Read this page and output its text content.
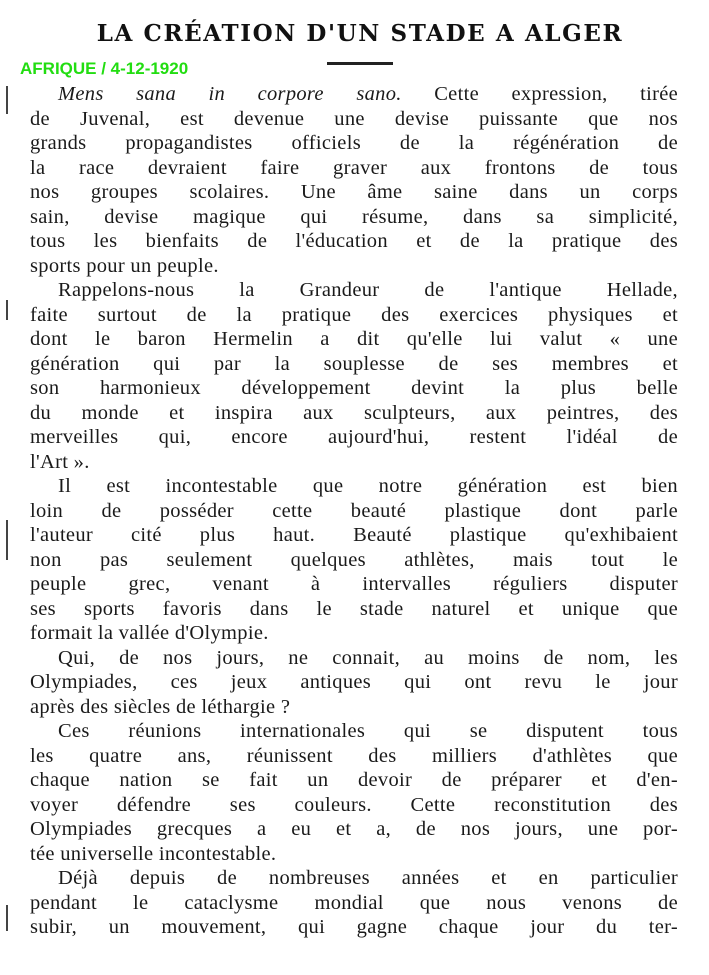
LA CRÉATION D'UN STADE A ALGER
AFRIQUE / 4-12-1920
Mens sana in corpore sano. Cette expression, tirée
de Juvenal, est devenue une devise puissante que nos
grands propagandistes officiels de la régénération de
la race devraient faire graver aux frontons de tous
nos groupes scolaires. Une âme saine dans un corps
sain, devise magique qui résume, dans sa simplicité,
tous les bienfaits de l'éducation et de la pratique des
sports pour un peuple.
Rappelons-nous la Grandeur de l'antique Hellade,
faite surtout de la pratique des exercices physiques et
dont le baron Hermelin a dit qu'elle lui valut « une
génération qui par la souplesse de ses membres et
son harmonieux développement devint la plus belle
du monde et inspira aux sculpteurs, aux peintres, des
merveilles qui, encore aujourd'hui, restent l'idéal de
l'Art ».
Il est incontestable que notre génération est bien
loin de posséder cette beauté plastique dont parle
l'auteur cité plus haut. Beauté plastique qu'exhibaient
non pas seulement quelques athlètes, mais tout le
peuple grec, venant à intervalles réguliers disputer
ses sports favoris dans le stade naturel et unique que
formait la vallée d'Olympie.
Qui, de nos jours, ne connait, au moins de nom, les
Olympiades, ces jeux antiques qui ont revu le jour
après des siècles de léthargie ?
Ces réunions internationales qui se disputent tous
les quatre ans, réunissent des milliers d'athlètes que
chaque nation se fait un devoir de préparer et d'en-
voyer défendre ses couleurs. Cette reconstitution des
Olympiades grecques a eu et a, de nos jours, une por-
tée universelle incontestable.
Déjà depuis de nombreuses années et en particulier
pendant le cataclysme mondial que nous venons de
subir, un mouvement, qui gagne chaque jour du ter-
